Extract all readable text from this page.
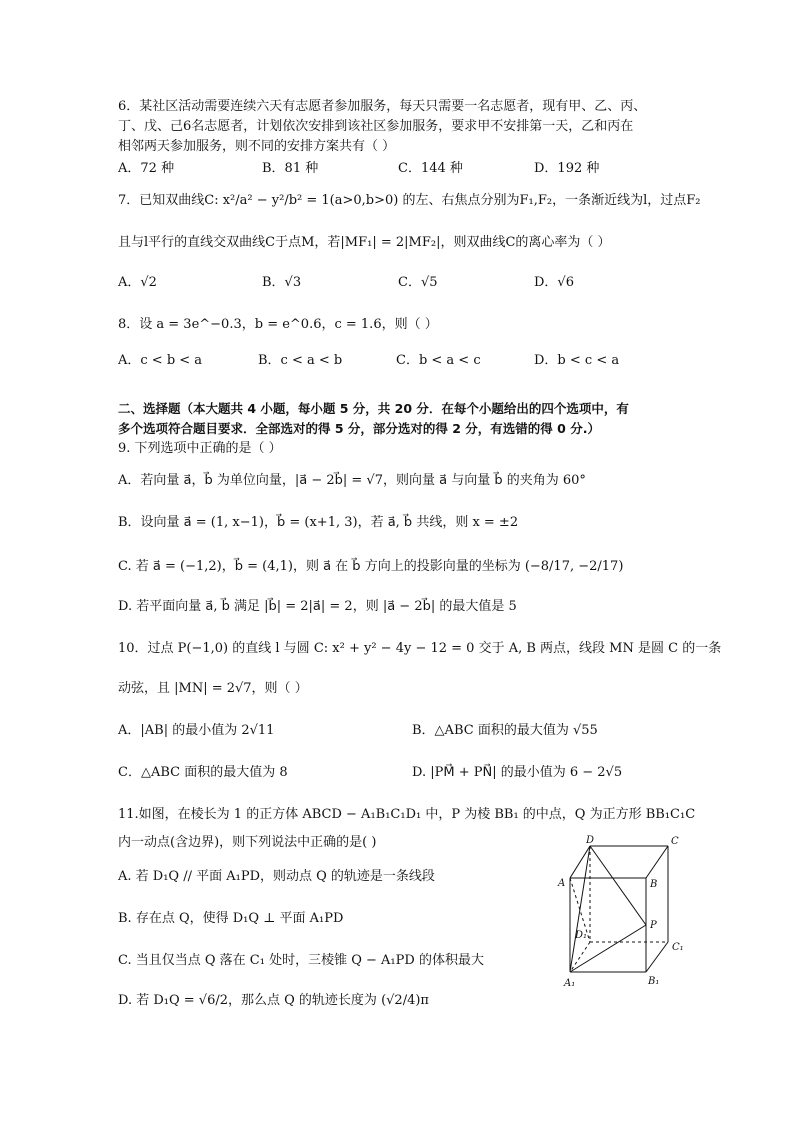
6．某社区活动需要连续六天有志愿者参加服务，每天只需要一名志愿者，现有甲、乙、丙、
丁、戊、己6名志愿者，计划依次安排到该社区参加服务，要求甲不安排第一天，乙和丙在
相邻两天参加服务，则不同的安排方案共有（ ）
A．72 种	B．81 种	C．144 种	D．192 种
7．已知双曲线C: x²/a² − y²/b² = 1(a>0,b>0) 的左、右焦点分别为F₁,F₂，一条渐近线为l，过点F₂
且与l平行的直线交双曲线C于点M，若|MF₁| = 2|MF₂|，则双曲线C的离心率为（ ）
A．√2	B．√3	C．√5	D．√6
8．设 a = 3e^−0.3，b = e^0.6，c = 1.6，则（ ）
A．c < b < a	B．c < a < b	C．b < a < c	D．b < c < a
二、选择题（本大题共 4 小题，每小题 5 分，共 20 分．在每个小题给出的四个选项中，有
多个选项符合题目要求．全部选对的得 5 分，部分选对的得 2 分，有选错的得 0 分.）
9. 下列选项中正确的是（ ）
A．若向量 a⃗，b⃗ 为单位向量，|a⃗ − 2b⃗| = √7，则向量 a⃗ 与向量 b⃗ 的夹角为 60°
B．设向量 a⃗ = (1, x−1)，b⃗ = (x+1, 3)，若 a⃗, b⃗ 共线，则 x = ±2
C. 若 a⃗ = (−1,2)，b⃗ = (4,1)，则 a⃗ 在 b⃗ 方向上的投影向量的坐标为 (−8/17, −2/17)
D. 若平面向量 a⃗, b⃗ 满足 |b⃗| = 2|a⃗| = 2，则 |a⃗ − 2b⃗| 的最大值是 5
10．过点 P(−1,0) 的直线 l 与圆 C: x² + y² − 4y − 12 = 0 交于 A, B 两点，线段 MN 是圆 C 的一条
动弦，且 |MN| = 2√7，则（ ）
A．|AB| 的最小值为 2√11	B．△ABC 面积的最大值为 √55
C．△ABC 面积的最大值为 8	D. |PM⃗ + PN⃗| 的最小值为 6 − 2√5
11.如图，在棱长为 1 的正方体 ABCD − A₁B₁C₁D₁ 中，P 为棱 BB₁ 的中点，Q 为正方形 BB₁C₁C
内一动点(含边界)，则下列说法中正确的是( )
A. 若 D₁Q // 平面 A₁PD，则动点 Q 的轨迹是一条线段
B. 存在点 Q，使得 D₁Q ⊥ 平面 A₁PD
C. 当且仅当点 Q 落在 C₁ 处时，三棱锥 Q − A₁PD 的体积最大
D. 若 D₁Q = √6/2，那么点 Q 的轨迹长度为 (√2/4)π
D	C
A	B
D₁
P
C₁
A₁	B₁
